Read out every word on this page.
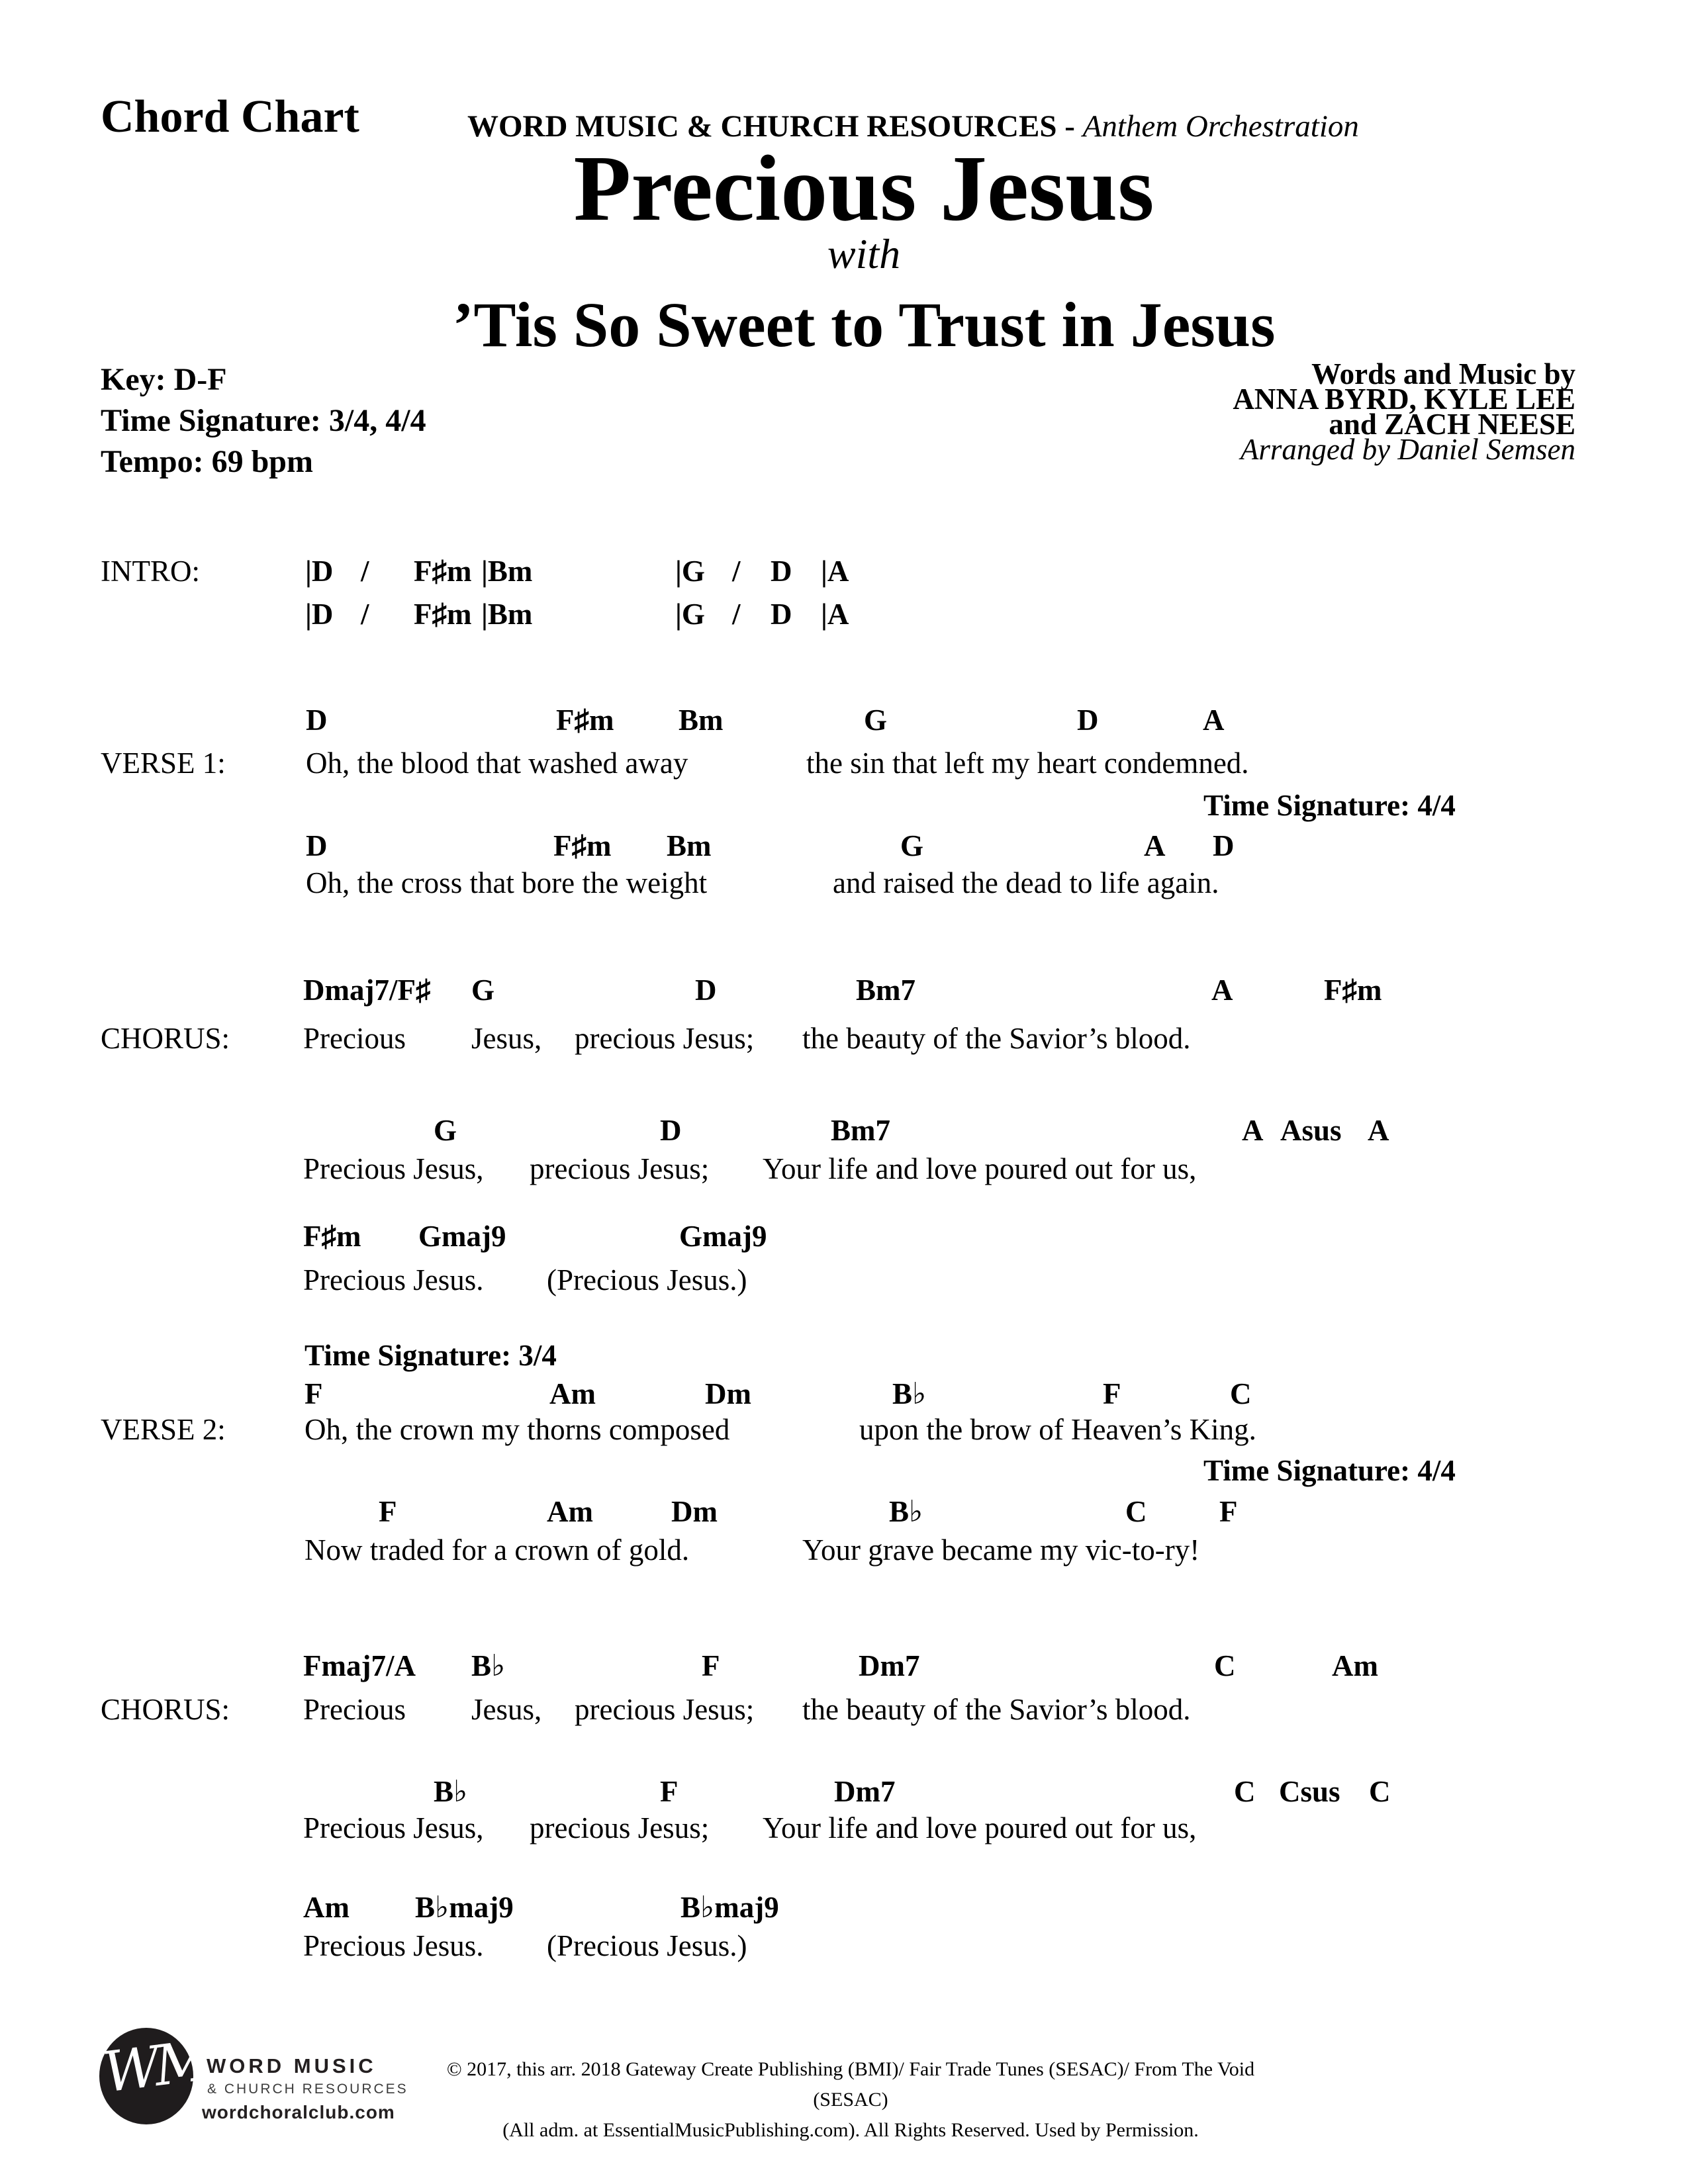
Chord Chart	WORD MUSIC & CHURCH RESOURCES - Anthem Orchestration
Precious Jesus
with
’Tis So Sweet to Trust in Jesus
Key: D-F
Time Signature: 3/4, 4/4
Tempo: 69 bpm
Words and Music by
ANNA BYRD, KYLE LEE
and ZACH NEESE
Arranged by Daniel Semsen
INTRO:	|D / F♯m |Bm	|G / D |A
|D / F♯m |Bm	|G / D |A
D	F♯m Bm	G	D	A
VERSE 1:	Oh, the blood that washed away	the sin that left my heart condemned.
Time Signature: 4/4
D	F♯m Bm	G	A D
Oh, the cross that bore the weight	and raised the dead to life again.
Dmaj7/F♯ G	D	Bm7	A	F♯m
CHORUS: Precious Jesus, precious Jesus; the beauty of the Savior’s blood.
G	D	Bm7	A Asus A
Precious Jesus, precious Jesus; Your life and love poured out for us,
F♯m Gmaj9	Gmaj9
Precious Jesus. (Precious Jesus.)
Time Signature: 3/4
F	Am	Dm	B♭	F	C
VERSE 2:	Oh, the crown my thorns composed	upon the brow of Heaven’s King.
Time Signature: 4/4
F	Am	Dm	B♭	C F
Now traded for a crown of gold.	Your grave became my vic-to-ry!
Fmaj7/A B♭	F	Dm7	C	Am
CHORUS: Precious Jesus, precious Jesus; the beauty of the Savior’s blood.
B♭	F	Dm7	C Csus C
Precious Jesus, precious Jesus; Your life and love poured out for us,
Am B♭maj9	B♭maj9
Precious Jesus. (Precious Jesus.)
WM
WORD MUSIC
& CHURCH RESOURCES
wordchoralclub.com
© 2017, this arr. 2018 Gateway Create Publishing (BMI)/ Fair Trade Tunes (SESAC)/ From The Void (SESAC)
(All adm. at EssentialMusicPublishing.com). All Rights Reserved. Used by Permission.
